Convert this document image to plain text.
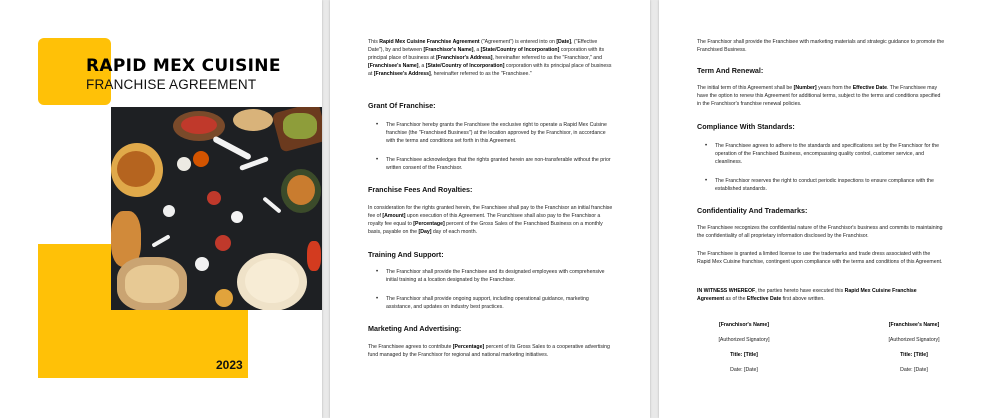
RAPID MEX CUISINE
FRANCHISE AGREEMENT
2023

This Rapid Mex Cuisine Franchise Agreement ("Agreement") is entered into on [Date], ("Effective Date"), by and between [Franchisor's Name], a [State/Country of Incorporation] corporation with its principal place of business at [Franchisor's Address], hereinafter referred to as the "Franchisor," and [Franchisee's Name], a [State/Country of Incorporation] corporation with its principal place of business at [Franchisee's Address], hereinafter referred to as the "Franchisee."

Grant Of Franchise:

• The Franchisor hereby grants the Franchisee the exclusive right to operate a Rapid Mex Cuisine franchise (the "Franchised Business") at the location approved by the Franchisor, in accordance with the terms and conditions set forth in this Agreement.

• The Franchisee acknowledges that the rights granted herein are non-transferable without the prior written consent of the Franchisor.

Franchise Fees And Royalties:

In consideration for the rights granted herein, the Franchisee shall pay to the Franchisor an initial franchise fee of [Amount] upon execution of this Agreement. The Franchisee shall also pay to the Franchisor a royalty fee equal to [Percentage] percent of the Gross Sales of the Franchised Business on a monthly basis, payable on the [Day] day of each month.

Training And Support:

• The Franchisor shall provide the Franchisee and its designated employees with comprehensive initial training at a location designated by the Franchisor.

• The Franchisor shall provide ongoing support, including operational guidance, marketing assistance, and updates on industry best practices.

Marketing And Advertising:

The Franchisee agrees to contribute [Percentage] percent of its Gross Sales to a cooperative advertising fund managed by the Franchisor for regional and national marketing initiatives.

The Franchisor shall provide the Franchisee with marketing materials and strategic guidance to promote the Franchised Business.

Term And Renewal:

The initial term of this Agreement shall be [Number] years from the Effective Date. The Franchisee may have the option to renew this Agreement for additional terms, subject to the terms and conditions specified in the Franchisor's franchise renewal policies.

Compliance With Standards:

• The Franchisee agrees to adhere to the standards and specifications set by the Franchisor for the operation of the Franchised Business, encompassing quality control, customer service, and cleanliness.

• The Franchisor reserves the right to conduct periodic inspections to ensure compliance with the established standards.

Confidentiality And Trademarks:

The Franchisee recognizes the confidential nature of the Franchisor's business and commits to maintaining the confidentiality of all proprietary information disclosed by the Franchisor.

The Franchisee is granted a limited license to use the trademarks and trade dress associated with the Rapid Mex Cuisine franchise, contingent upon compliance with the terms and conditions of this Agreement.

IN WITNESS WHEREOF, the parties hereto have executed this Rapid Mex Cuisine Franchise Agreement as of the Effective Date first above written.

[Franchisor's Name]
[Authorized Signatory]
Title: [Title]
Date: [Date]
[Franchisee's Name]
[Authorized Signatory]
Title: [Title]
Date: [Date]
